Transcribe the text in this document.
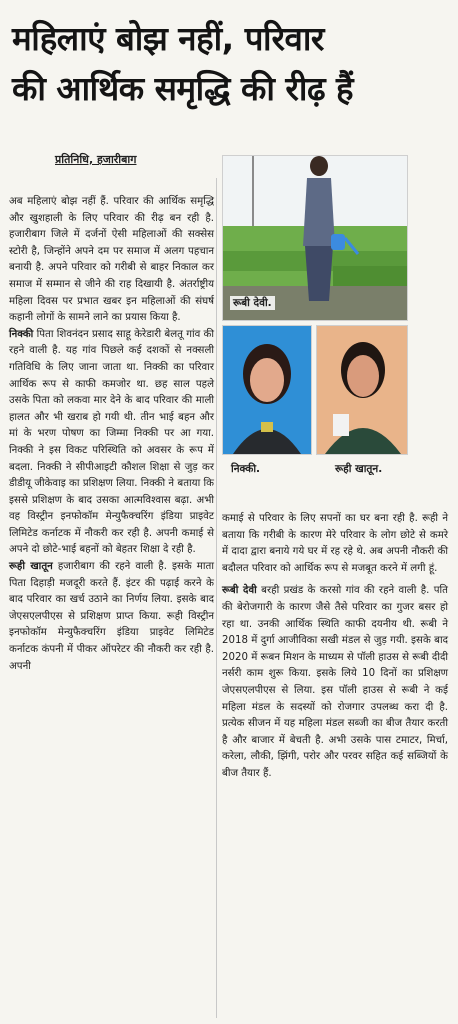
महिलाएं बोझ नहीं, परिवार
की आर्थिक समृद्धि की रीढ़ हैं
प्रतिनिधि, हजारीबाग
रूबी देवी.
निक्की.	रूही खातून.

अब महिलाएं बोझ नहीं हैं. परिवार की आर्थिक समृद्धि और खुशहाली के लिए परिवार की रीढ़ बन रही है. हजारीबाग जिले में दर्जनों ऐसी महिलाओं की सक्सेस स्टोरी है, जिन्होंने अपने दम पर समाज में अलग पहचान बनायी है. अपने परिवार को गरीबी से बाहर निकाल कर समाज में सम्मान से जीने की राह दिखायी है. अंतर्राष्ट्रीय महिला दिवस पर प्रभात खबर इन महिलाओं की संघर्ष कहानी लोगों के सामने लाने का प्रयास किया है.

निक्की पिता शिवनंदन प्रसाद साहू केरेडारी बेलतू गांव की रहने वाली है. यह गांव पिछले कई दशकों से नक्सली गतिविधि के लिए जाना जाता था. निक्की का परिवार आर्थिक रूप से काफी कमजोर था. छह साल पहले उसके पिता को लकवा मार देने के बाद परिवार की माली हालत और भी खराब हो गयी थी. तीन भाई बहन और मां के भरण पोषण का जिम्मा निक्की पर आ गया. निक्की ने इस विकट परिस्थिति को अवसर के रूप में बदला. निक्की ने सीपीआइटी कौशल शिक्षा से जुड़ कर डीडीयू जीकेवाइ का प्रशिक्षण लिया. निक्की ने बताया कि इससे प्रशिक्षण के बाद उसका आत्मविश्वास बढ़ा. अभी वह विस्ट्रीन इनफोकॉम मेन्युफैक्चरिंग इंडिया प्राइवेट लिमिटेड कर्नाटक में नौकरी कर रही है. अपनी कमाई से अपने दो छोटे-भाई बहनों को बेहतर शिक्षा दे रही है.

रूही खातून हजारीबाग की रहने वाली है. इसके माता पिता दिहाड़ी मजदूरी करते हैं. इंटर की पढ़ाई करने के बाद परिवार का खर्च उठाने का निर्णय लिया. इसके बाद जेएसएलपीएस से प्रशिक्षण प्राप्त किया. रूही विस्ट्रीन इनफोकॉम मेन्युफैक्चरिंग इंडिया प्राइवेट लिमिटेड कर्नाटक कंपनी में पीकर ऑपरेटर की नौकरी कर रही है. अपनी

कमाई से परिवार के लिए सपनों का घर बना रही है. रूही ने बताया कि गरीबी के कारण मेरे परिवार के लोग छोटे से कमरे में दादा द्वारा बनाये गये घर में रह रहे थे. अब अपनी नौकरी की बदौलत परिवार को आर्थिक रूप से मजबूत करने में लगी हूं.

रूबी देवी बरही प्रखंड के करसो गांव की रहने वाली है. पति की बेरोजगारी के कारण जैसे तैसे परिवार का गुजर बसर हो रहा था. उनकी आर्थिक स्थिति काफी दयनीय थी. रूबी ने 2018 में दुर्गा आजीविका सखी मंडल से जुड़ गयी. इसके बाद 2020 में रूबन मिशन के माध्यम से पॉली हाउस से रूबी दीदी नर्सरी काम शुरू किया. इसके लिये 10 दिनों का प्रशिक्षण जेएसएलपीएस से लिया. इस पॉली हाउस से रूबी ने कई महिला मंडल के सदस्यों को रोजगार उपलब्ध करा दी है. प्रत्येक सीजन में यह महिला मंडल सब्जी का बीज तैयार करती है और बाजार में बेचती है. अभी उसके पास टमाटर, मिर्चा, करेला, लौकी, झिंगी, परोर और परवर सहित कई सब्जियों के बीज तैयार हैं.
